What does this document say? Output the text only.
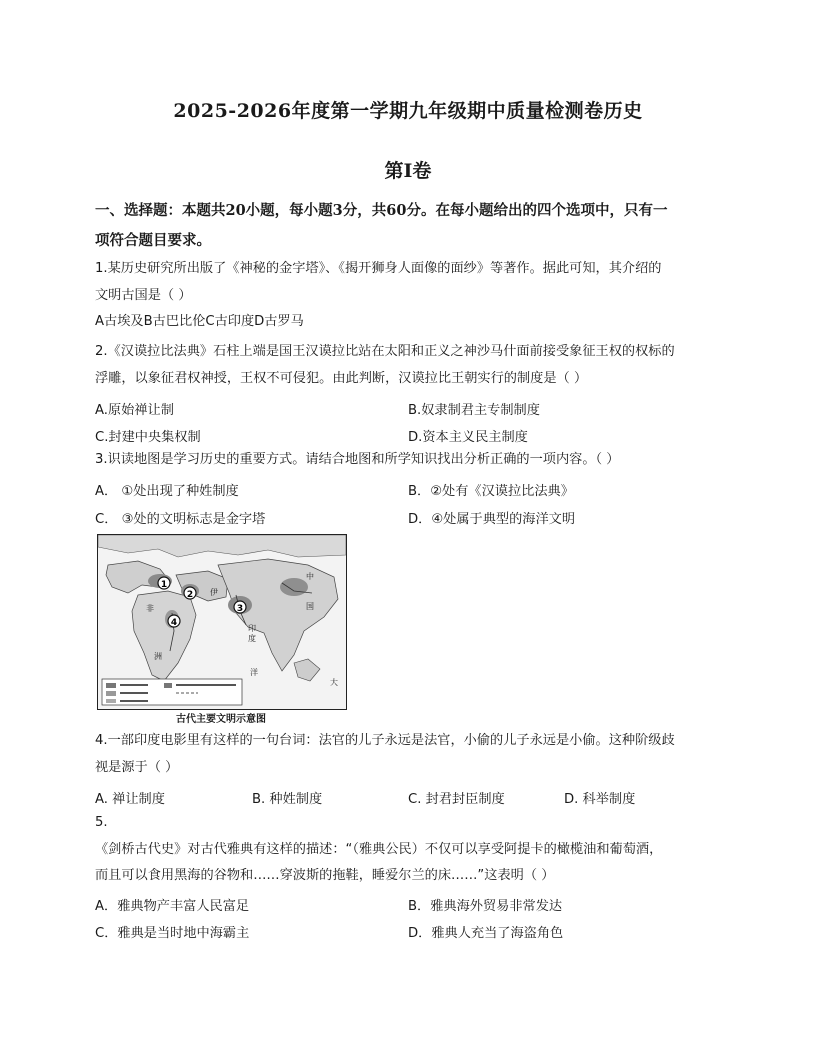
2025-2026年度第一学期九年级期中质量检测卷历史
第Ⅰ卷
一、选择题：本题共20小题，每小题3分，共60分。在每小题给出的四个选项中，只有一
项符合题目要求。
1.某历史研究所出版了《神秘的金字塔》、《揭开狮身人面像的面纱》等著作。据此可知，其介绍的
文明古国是（ ）
A古埃及B古巴比伦C古印度D古罗马
2.《汉谟拉比法典》石柱上端是国王汉谟拉比站在太阳和正义之神沙马什面前接受象征王权的权标的
浮雕，以象征君权神授，王权不可侵犯。由此判断，汉谟拉比王朝实行的制度是（ ）
A.原始禅让制	B.奴隶制君主专制制度
C.封建中央集权制	D.资本主义民主制度
3.识读地图是学习历史的重要方式。请结合地图和所学知识找出分析正确的一项内容。（ ）
A． ①处出现了种姓制度	B．②处有《汉谟拉比法典》
C． ③处的文明标志是金字塔	D．④处属于典型的海洋文明
1
2
3
4
伊
印
度
中
国
非
洲
洋
大
古代主要文明示意图
4.一部印度电影里有这样的一句台词：法官的儿子永远是法官，小偷的儿子永远是小偷。这种阶级歧
视是源于（ ）
A. 禅让制度	B. 种姓制度	C. 封君封臣制度	D. 科举制度
5.
《剑桥古代史》对古代雅典有这样的描述：“（雅典公民）不仅可以享受阿提卡的橄榄油和葡萄酒，
而且可以食用黑海的谷物和……穿波斯的拖鞋，睡爱尔兰的床……”这表明（ ）
A．雅典物产丰富人民富足	B．雅典海外贸易非常发达
C．雅典是当时地中海霸主	D．雅典人充当了海盗角色
